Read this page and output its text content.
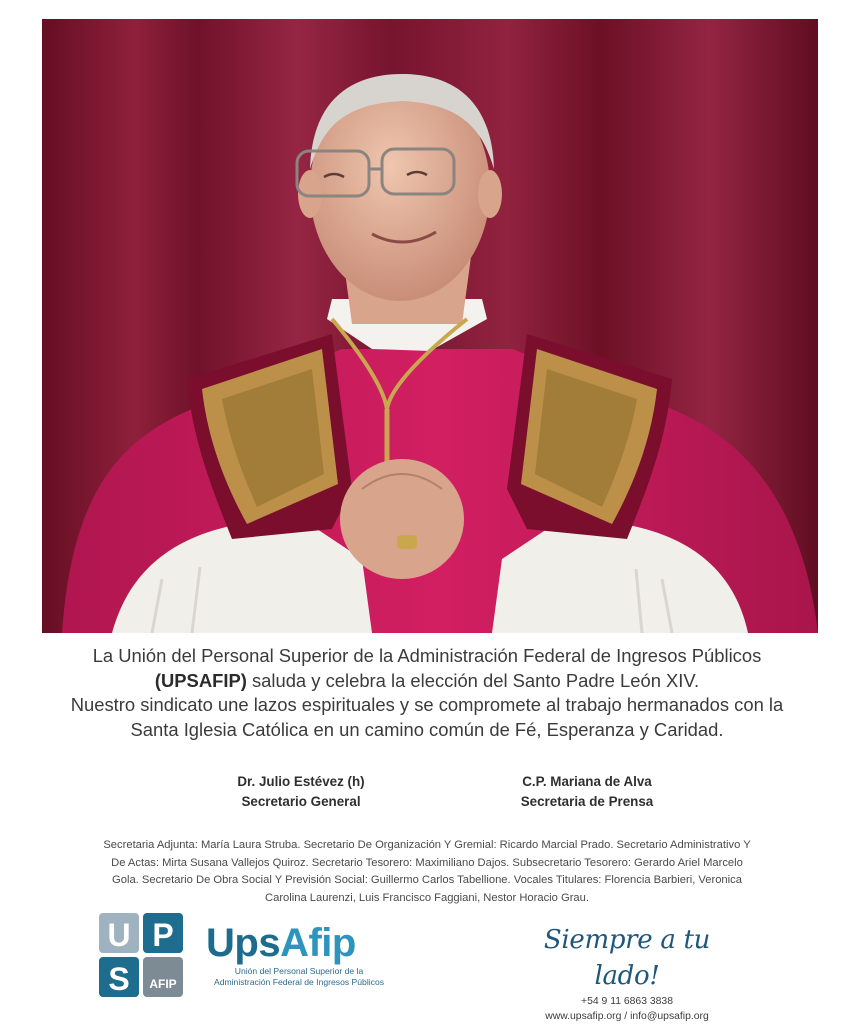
La Unión del Personal Superior de la Administración Federal de Ingresos Públicos

(UPSAFIP) saluda y celebra la elección del Santo Padre León XIV.

Nuestro sindicato une lazos espirituales y se compromete al trabajo hermanados con la

Santa Iglesia Católica en un camino común de Fé, Esperanza y Caridad.

Dr. Julio Estévez (h)
Secretario General
C.P. Mariana de Alva
Secretaria de Prensa
Secretaria Adjunta: María Laura Struba. Secretario De Organización Y Gremial: Ricardo Marcial Prado. Secretario Administrativo Y
De Actas: Mirta Susana Vallejos Quiroz. Secretario Tesorero: Maximiliano Dajos. Subsecretario Tesorero: Gerardo Ariel Marcelo
Gola. Secretario De Obra Social Y Previsión Social: Guillermo Carlos Tabellione. Vocales Titulares: Florencia Barbieri, Veronica
Carolina Laurenzi, Luis Francisco Faggiani, Nestor Horacio Grau.
U P
S AFIP
UpsAfip
Unión del Personal Superior de la
Administración Federal de Ingresos Públicos
Siempre a tu lado!
+54 9 11 6863 3838
www.upsafip.org / info@upsafip.org
